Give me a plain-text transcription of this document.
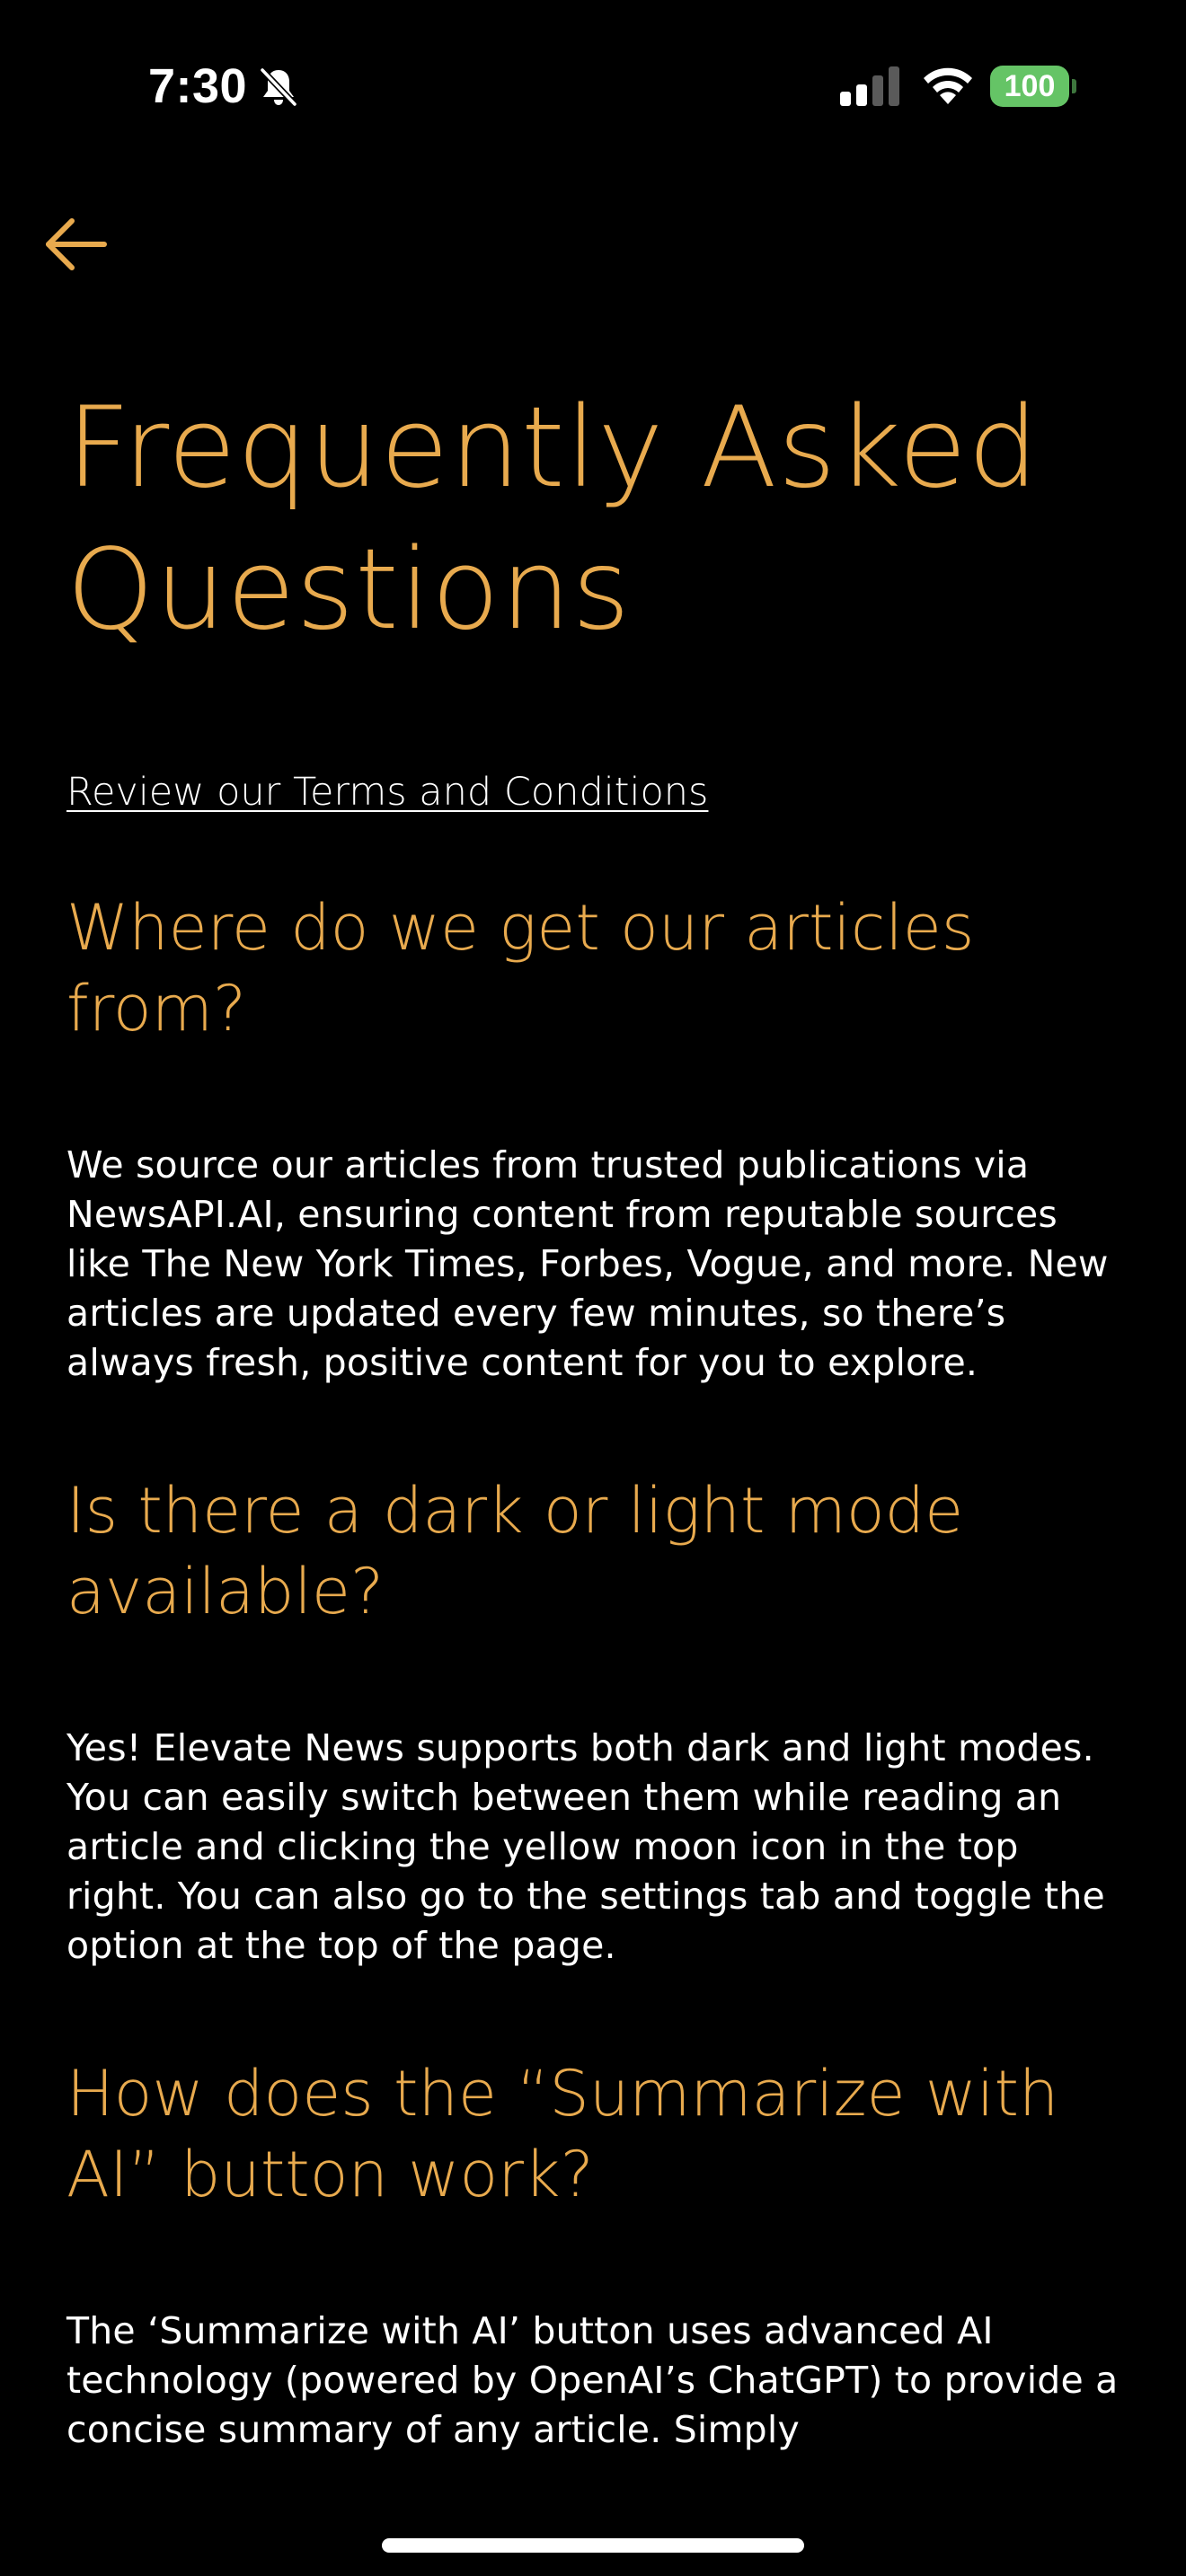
7:30	100
Frequently Asked Questions
Review our Terms and Conditions
Where do we get our articles from?

We source our articles from trusted publications via NewsAPI.AI, ensuring content from reputable sources like The New York Times, Forbes, Vogue, and more. New articles are updated every few minutes, so there’s always fresh, positive content for you to explore.

Is there a dark or light mode available?

Yes! Elevate News supports both dark and light modes. You can easily switch between them while reading an article and clicking the yellow moon icon in the top right. You can also go to the settings tab and toggle the option at the top of the page.

How does the “Summarize with AI” button work?

The ‘Summarize with AI’ button uses advanced AI technology (powered by OpenAI’s ChatGPT) to provide a concise summary of any article. Simply
